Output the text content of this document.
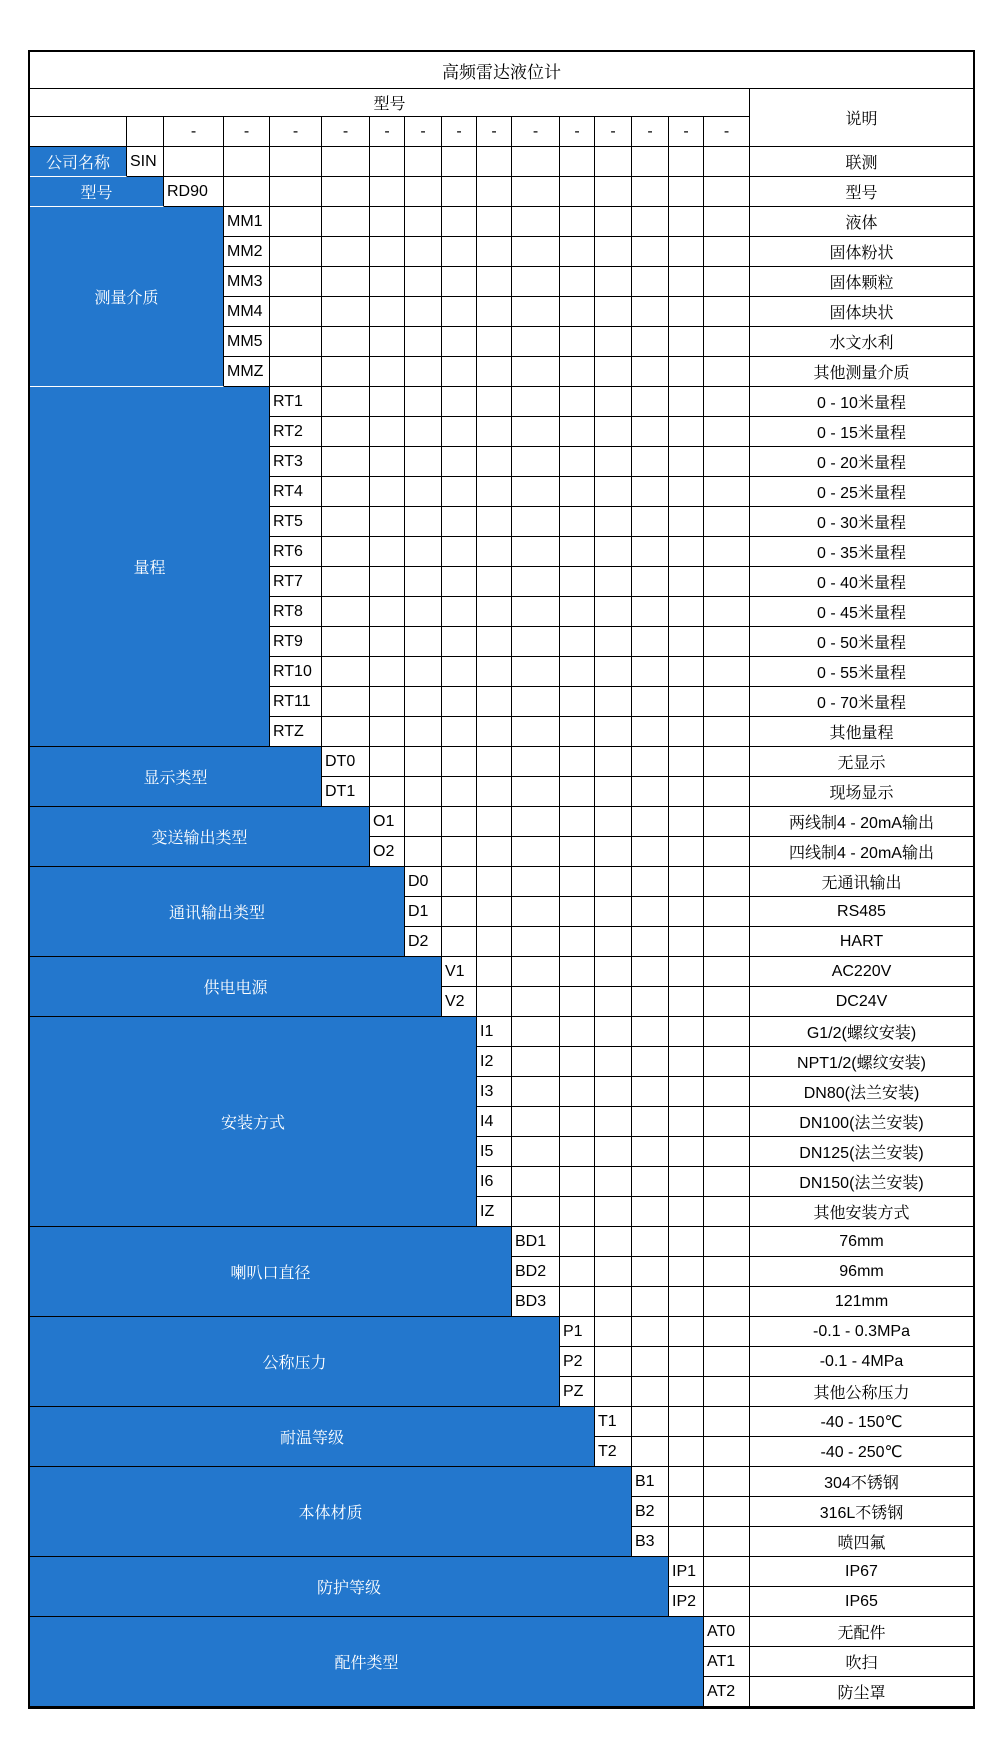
高频雷达液位计																
型号																说明
		-	-	-	-	-	-	-	-	-	-	-	-	-	-	
公司名称	SIN															联测
型号		RD90														型号
测量介质			MM1													液体
			MM2													固体粉状
			MM3													固体颗粒
			MM4													固体块状
			MM5													水文水利
			MMZ													其他测量介质
量程				RT1												0 - 10米量程
				RT2												0 - 15米量程
				RT3												0 - 20米量程
				RT4												0 - 25米量程
				RT5												0 - 30米量程
				RT6												0 - 35米量程
				RT7												0 - 40米量程
				RT8												0 - 45米量程
				RT9												0 - 50米量程
				RT10												0 - 55米量程
				RT11												0 - 70米量程
				RTZ												其他量程
显示类型					DT0											无显示
					DT1											现场显示
变送输出类型						O1										两线制4 - 20mA输出
						O2										四线制4 - 20mA输出
通讯输出类型							D0									无通讯输出
							D1									RS485
							D2									HART
供电电源								V1								AC220V
								V2								DC24V
安装方式									I1							G1/2(螺纹安装)
									I2							NPT1/2(螺纹安装)
									I3							DN80(法兰安装)
									I4							DN100(法兰安装)
									I5							DN125(法兰安装)
									I6							DN150(法兰安装)
									IZ							其他安装方式
喇叭口直径										BD1						76mm
										BD2						96mm
										BD3						121mm
公称压力											P1					-0.1 - 0.3MPa
											P2					-0.1 - 4MPa
											PZ					其他公称压力
耐温等级												T1				-40 - 150℃
												T2				-40 - 250℃
本体材质													B1			304不锈钢
													B2			316L不锈钢
													B3			喷四氟
防护等级														IP1		IP67
														IP2		IP65
配件类型															AT0	无配件
															AT1	吹扫
															AT2	防尘罩
